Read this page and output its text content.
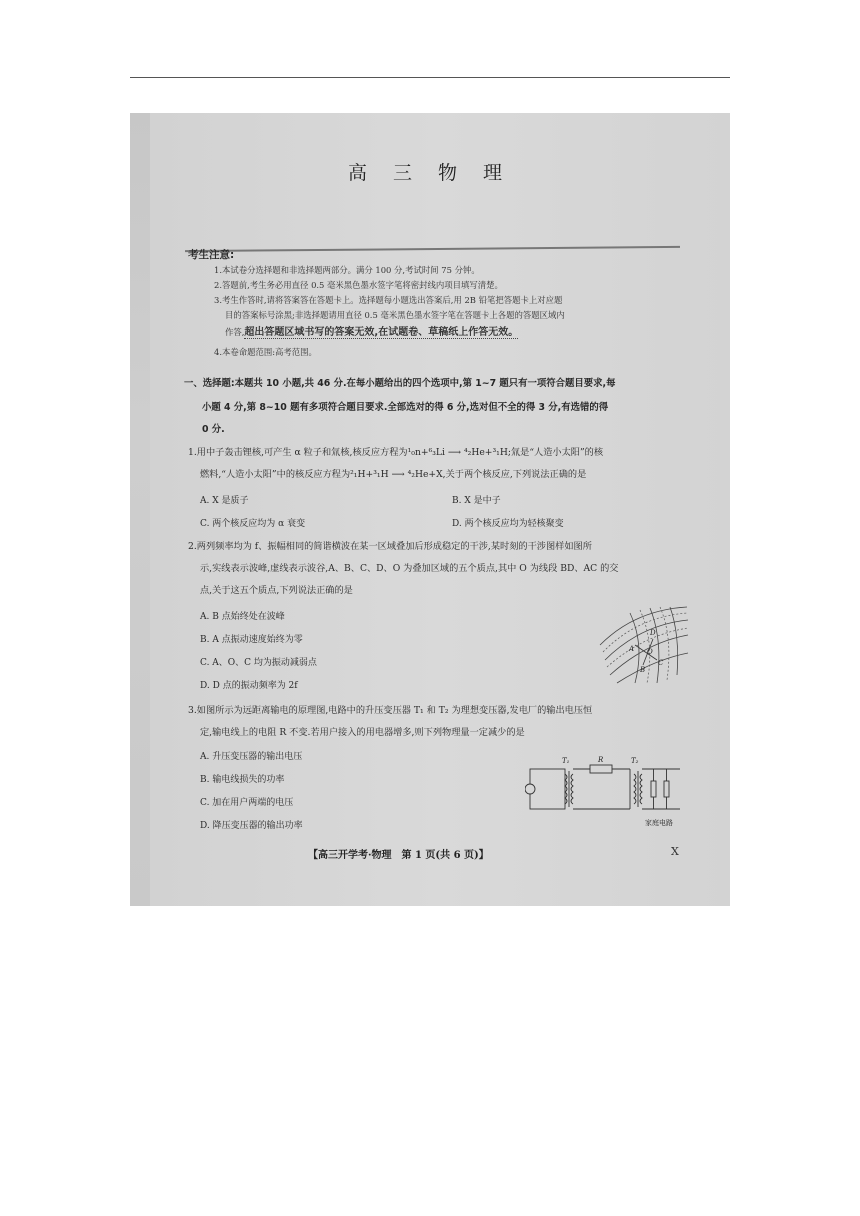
高 三 物 理
考生注意:
1.本试卷分选择题和非选择题两部分。满分 100 分,考试时间 75 分钟。
2.答题前,考生务必用直径 0.5 毫米黑色墨水签字笔将密封线内项目填写清楚。
3.考生作答时,请将答案答在答题卡上。选择题每小题选出答案后,用 2B 铅笔把答题卡上对应题
目的答案标号涂黑;非选择题请用直径 0.5 毫米黑色墨水签字笔在答题卡上各题的答题区域内
作答,超出答题区域书写的答案无效,在试题卷、草稿纸上作答无效。
4.本卷命题范围:高考范围。
一、选择题:本题共 10 小题,共 46 分.在每小题给出的四个选项中,第 1~7 题只有一项符合题目要求,每
小题 4 分,第 8~10 题有多项符合题目要求.全部选对的得 6 分,选对但不全的得 3 分,有选错的得
0 分.
1.用中子轰击锂核,可产生 α 粒子和氚核,核反应方程为¹₀n+⁶₃Li ⟶ ⁴₂He+³₁H;氚是“人造小太阳”的核
燃料,“人造小太阳”中的核反应方程为²₁H+³₁H ⟶ ⁴₂He+X,关于两个核反应,下列说法正确的是
A. X 是质子	B. X 是中子
C. 两个核反应均为 α 衰变	D. 两个核反应均为轻核聚变
2.两列频率均为 f、振幅相同的简谐横波在某一区域叠加后形成稳定的干涉,某时刻的干涉图样如图所
示,实线表示波峰,虚线表示波谷,A、B、C、D、O 为叠加区域的五个质点,其中 O 为线段 BD、AC 的交
点,关于这五个质点,下列说法正确的是
A. B 点始终处在波峰
B. A 点振动速度始终为零
C. A、O、C 均为振动减弱点
D. D 点的振动频率为 2f
D
A O
C
B
3.如图所示为远距离输电的原理图,电路中的升压变压器 T₁ 和 T₂ 为理想变压器,发电厂的输出电压恒
定,输电线上的电阻 R 不变.若用户接入的用电器增多,则下列物理量一定减少的是
A. 升压变压器的输出电压
B. 输电线损失的功率
C. 加在用户两端的电压
D. 降压变压器的输出功率
T₁	R	T₂
家庭电路
【高三开学考·物理　第 1 页(共 6 页)】	X
